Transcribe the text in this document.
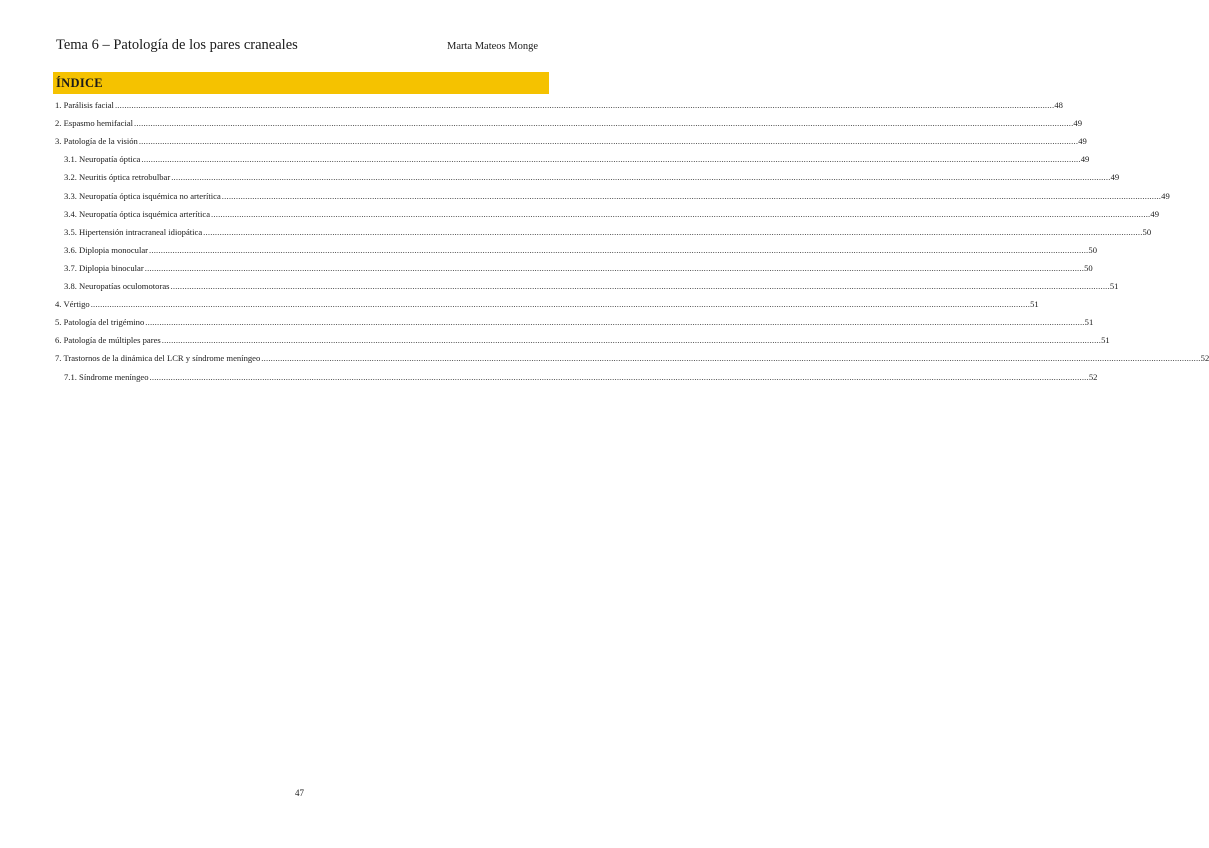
Tema 6 – Patología de los pares craneales	Marta Mateos Monge
ÍNDICE
1. Parálisis facial ................................................................................................................................................................................................................................................................................................................................................................................................................ 48
2. Espasmo hemifacial ................................................................................................................................................................................................................................................................................................................................................................................................................ 49
3. Patología de la visión ................................................................................................................................................................................................................................................................................................................................................................................................................ 49
3.1. Neuropatía óptica ................................................................................................................................................................................................................................................................................................................................................................................................................ 49
3.2. Neuritis óptica retrobulbar ................................................................................................................................................................................................................................................................................................................................................................................................................ 49
3.3. Neuropatía óptica isquémica no arterítica ................................................................................................................................................................................................................................................................................................................................................................................................................ 49
3.4. Neuropatía óptica isquémica arterítica ................................................................................................................................................................................................................................................................................................................................................................................................................ 49
3.5. Hipertensión intracraneal idiopática ................................................................................................................................................................................................................................................................................................................................................................................................................ 50
3.6. Diplopia monocular ................................................................................................................................................................................................................................................................................................................................................................................................................ 50
3.7. Diplopia binocular ................................................................................................................................................................................................................................................................................................................................................................................................................ 50
3.8. Neuropatías oculomotoras ................................................................................................................................................................................................................................................................................................................................................................................................................ 51
4. Vértigo ................................................................................................................................................................................................................................................................................................................................................................................................................ 51
5. Patología del trigémino ................................................................................................................................................................................................................................................................................................................................................................................................................ 51
6. Patología de múltiples pares ................................................................................................................................................................................................................................................................................................................................................................................................................ 51
7. Trastornos de la dinámica del LCR y síndrome meníngeo ................................................................................................................................................................................................................................................................................................................................................................................................................ 52
7.1. Síndrome meníngeo ................................................................................................................................................................................................................................................................................................................................................................................................................ 52
47
